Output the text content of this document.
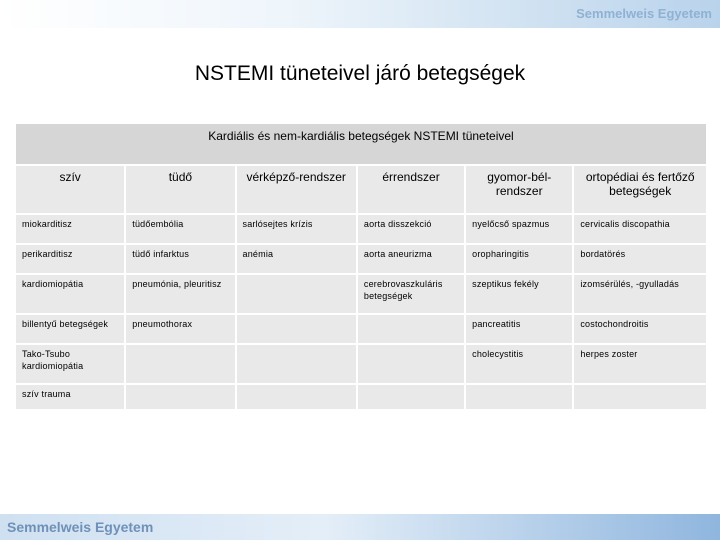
Semmelweis Egyetem
NSTEMI tüneteivel járó betegségek
Kardiális és nem-kardiális betegségek NSTEMI tüneteivel					
szív	tüdő	vérképző-rendszer	érrendszer	gyomor-bél-rendszer	ortopédiai és fertőző betegségek
miokarditisz	tüdőembólia	sarlósejtes krízis	aorta disszekció	nyelőcső spazmus	cervicalis discopathia
perikarditisz	tüdő infarktus	anémia	aorta aneurizma	oropharingitis	bordatörés
kardiomiopátia	pneumónia, pleuritisz		cerebrovaszkuláris betegségek	szeptikus fekély	izomsérülés, -gyulladás
billentyű betegségek	pneumothorax			pancreatitis	costochondroitis
Tako-Tsubo kardiomiopátia				cholecystitis	herpes zoster
szív trauma					
Semmelweis Egyetem
